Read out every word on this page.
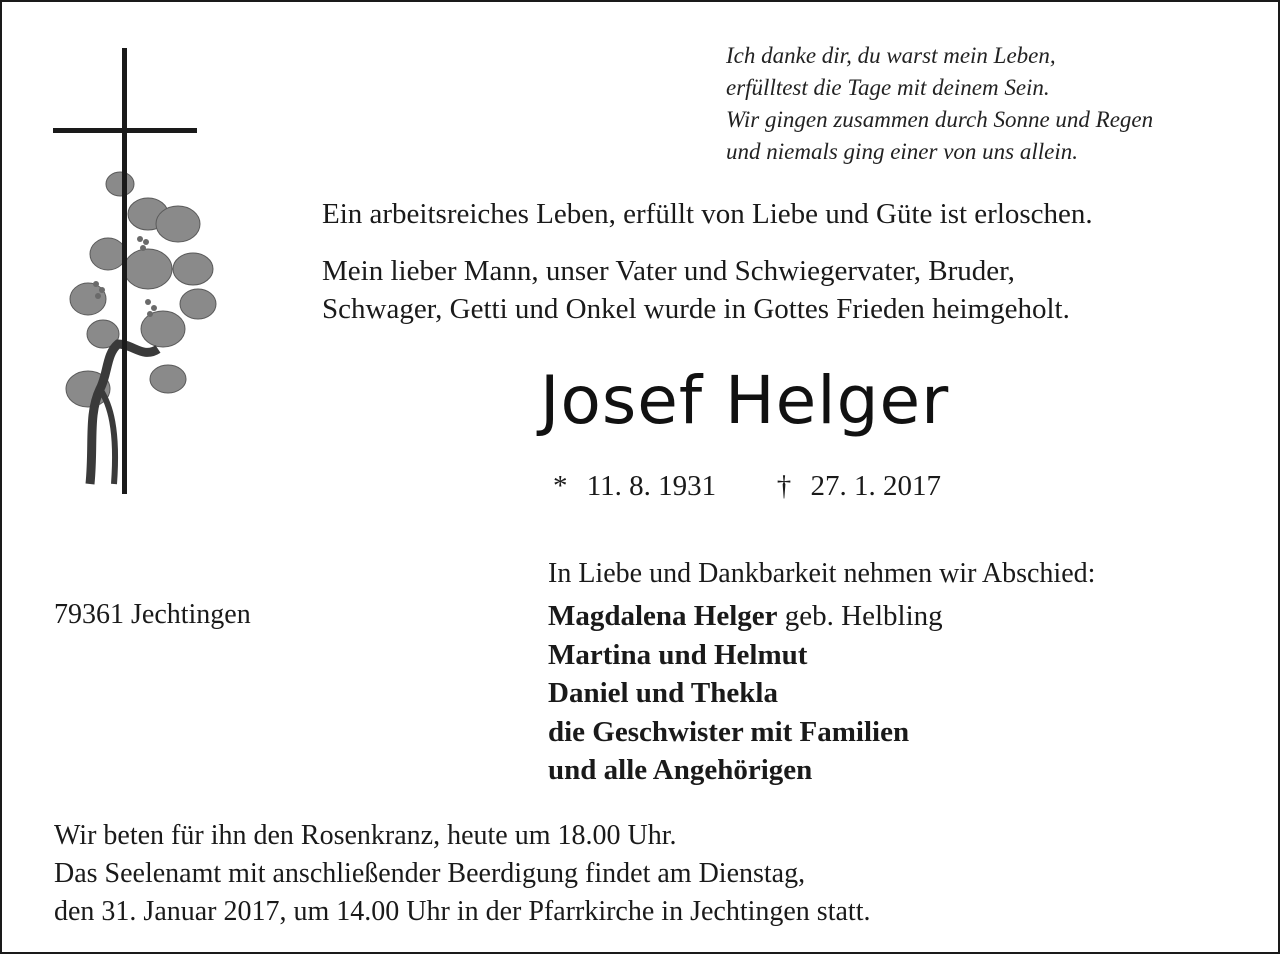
Ich danke dir, du warst mein Leben,
erfülltest die Tage mit deinem Sein.
Wir gingen zusammen durch Sonne und Regen
und niemals ging einer von uns allein.
Ein arbeitsreiches Leben, erfüllt von Liebe und Güte ist erloschen.
Mein lieber Mann, unser Vater und Schwiegervater, Bruder,
Schwager, Getti und Onkel wurde in Gottes Frieden heimgeholt.
Josef Helger
* 11. 8. 1931 † 27. 1. 2017
79361 Jechtingen
In Liebe und Dankbarkeit nehmen wir Abschied:
Magdalena Helger geb. Helbling
Martina und Helmut
Daniel und Thekla
die Geschwister mit Familien
und alle Angehörigen
Wir beten für ihn den Rosenkranz, heute um 18.00 Uhr.
Das Seelenamt mit anschließender Beerdigung findet am Dienstag,
den 31. Januar 2017, um 14.00 Uhr in der Pfarrkirche in Jechtingen statt.
